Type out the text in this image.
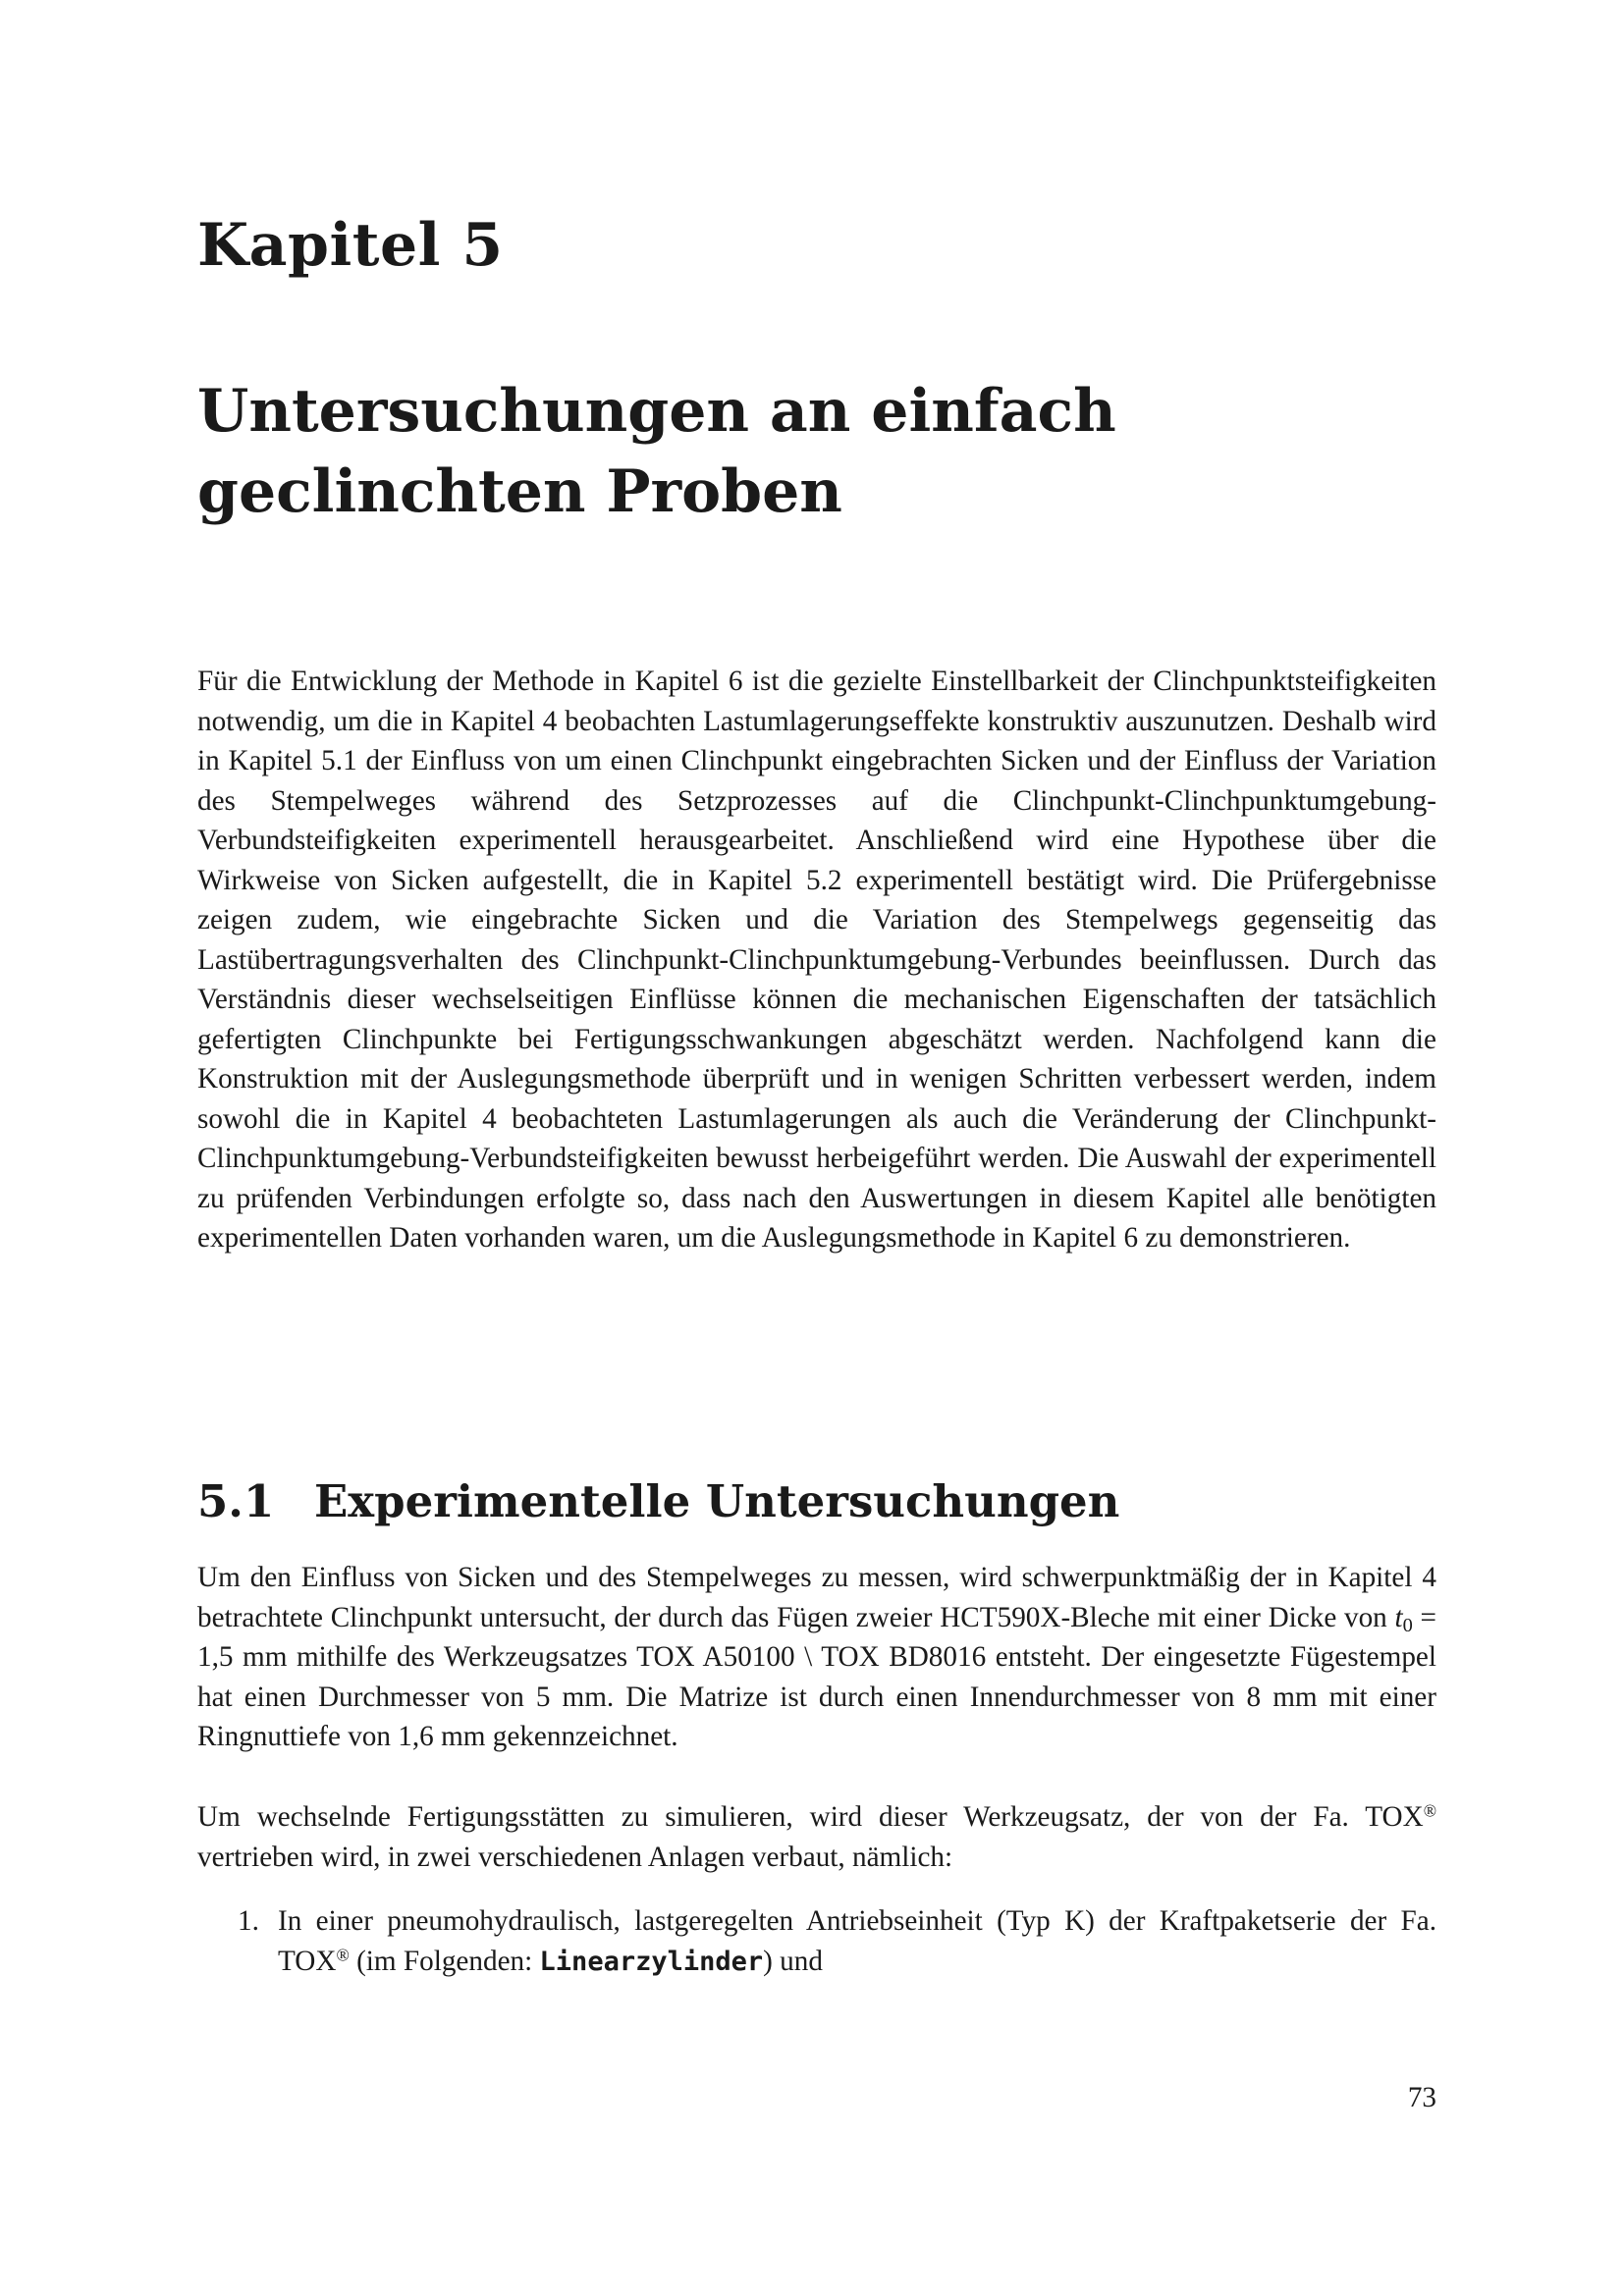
Kapitel 5
Untersuchungen an einfach geclinchten Proben

Für die Entwicklung der Methode in Kapitel 6 ist die gezielte Einstellbarkeit der Clinchpunktsteifigkeiten notwendig, um die in Kapitel 4 beobachten Lastumlagerungseffekte konstruktiv auszunutzen. Deshalb wird in Kapitel 5.1 der Einfluss von um einen Clinchpunkt eingebrachten Sicken und der Einfluss der Variation des Stempelweges während des Setzprozesses auf die Clinchpunkt-Clinchpunktumgebung-Verbundsteifigkeiten experimentell herausgearbeitet. Anschließend wird eine Hypothese über die Wirkweise von Sicken aufgestellt, die in Kapitel 5.2 experimentell bestätigt wird. Die Prüfergebnisse zeigen zudem, wie eingebrachte Sicken und die Variation des Stempelwegs gegenseitig das Lastübertragungsverhalten des Clinchpunkt-Clinchpunktumgebung-Verbundes beeinflussen. Durch das Verständnis dieser wechselseitigen Einflüsse können die mechanischen Eigenschaften der tatsächlich gefertigten Clinchpunkte bei Fertigungsschwankungen abgeschätzt werden. Nachfolgend kann die Konstruktion mit der Auslegungsmethode überprüft und in wenigen Schritten verbessert werden, indem sowohl die in Kapitel 4 beobachteten Lastumlagerungen als auch die Veränderung der Clinchpunkt-Clinchpunktumgebung-Verbundsteifigkeiten bewusst herbeigeführt werden. Die Auswahl der experimentell zu prüfenden Verbindungen erfolgte so, dass nach den Auswertungen in diesem Kapitel alle benötigten experimentellen Daten vorhanden waren, um die Auslegungsmethode in Kapitel 6 zu demonstrieren.

5.1 Experimentelle Untersuchungen

Um den Einfluss von Sicken und des Stempelweges zu messen, wird schwerpunktmäßig der in Kapitel 4 betrachtete Clinchpunkt untersucht, der durch das Fügen zweier HCT590X-Bleche mit einer Dicke von $t_0 = 1,5$ mm mithilfe des Werkzeugsatzes TOX A50100 \ TOX BD8016 entsteht. Der eingesetzte Fügestempel hat einen Durchmesser von 5 mm. Die Matrize ist durch einen Innendurchmesser von 8 mm mit einer Ringnuttiefe von 1,6 mm gekennzeichnet.

Um wechselnde Fertigungsstätten zu simulieren, wird dieser Werkzeugsatz, der von der Fa. TOX® vertrieben wird, in zwei verschiedenen Anlagen verbaut, nämlich:

1. In einer pneumohydraulisch, lastgeregelten Antriebseinheit (Typ K) der Kraftpaketserie der Fa. TOX® (im Folgenden: Linearzylinder) und

73
